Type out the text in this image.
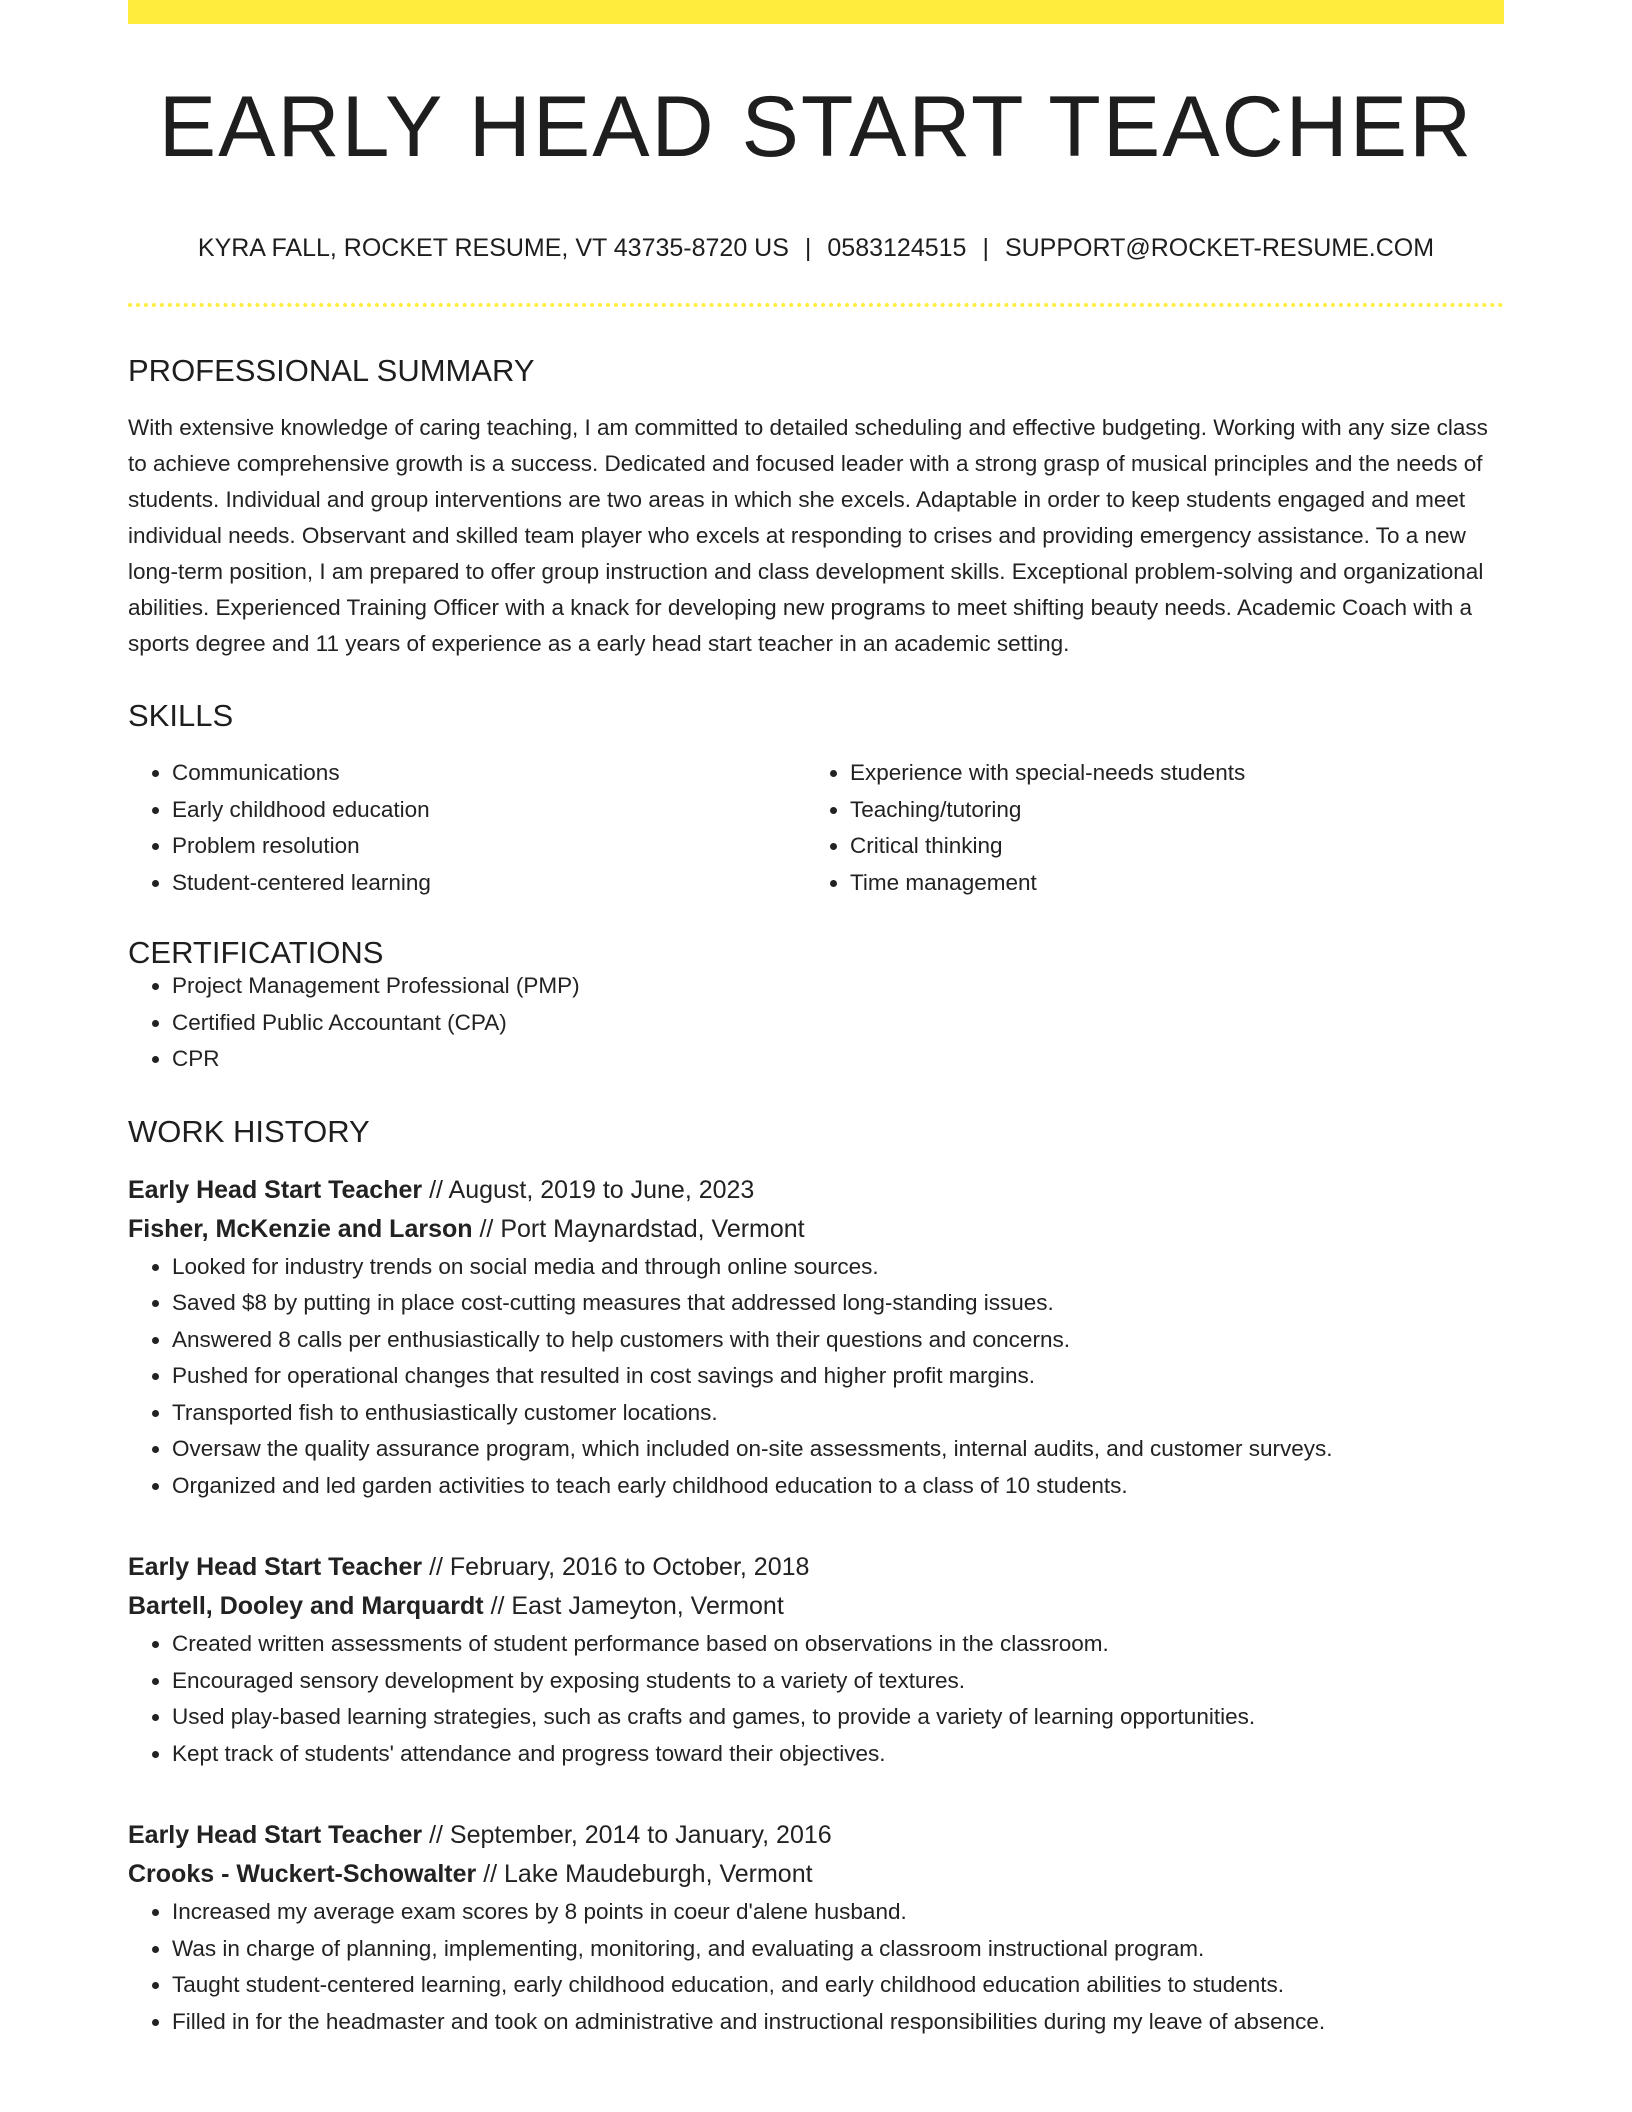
EARLY HEAD START TEACHER
KYRA FALL, ROCKET RESUME, VT 43735-8720 US | 0583124515 | SUPPORT@ROCKET-RESUME.COM
PROFESSIONAL SUMMARY

With extensive knowledge of caring teaching, I am committed to detailed scheduling and effective budgeting. Working with any size class to achieve comprehensive growth is a success. Dedicated and focused leader with a strong grasp of musical principles and the needs of students. Individual and group interventions are two areas in which she excels. Adaptable in order to keep students engaged and meet individual needs. Observant and skilled team player who excels at responding to crises and providing emergency assistance. To a new long-term position, I am prepared to offer group instruction and class development skills. Exceptional problem-solving and organizational abilities. Experienced Training Officer with a knack for developing new programs to meet shifting beauty needs. Academic Coach with a sports degree and 11 years of experience as a early head start teacher in an academic setting.

SKILLS
• Communications
• Early childhood education
• Problem resolution
• Student-centered learning
• Experience with special-needs students
• Teaching/tutoring
• Critical thinking
• Time management
CERTIFICATIONS
• Project Management Professional (PMP)
• Certified Public Accountant (CPA)
• CPR
WORK HISTORY
Early Head Start Teacher // August, 2019 to June, 2023
Fisher, McKenzie and Larson // Port Maynardstad, Vermont
• Looked for industry trends on social media and through online sources.
• Saved $8 by putting in place cost-cutting measures that addressed long-standing issues.
• Answered 8 calls per enthusiastically to help customers with their questions and concerns.
• Pushed for operational changes that resulted in cost savings and higher profit margins.
• Transported fish to enthusiastically customer locations.
• Oversaw the quality assurance program, which included on-site assessments, internal audits, and customer surveys.
• Organized and led garden activities to teach early childhood education to a class of 10 students.
Early Head Start Teacher // February, 2016 to October, 2018
Bartell, Dooley and Marquardt // East Jameyton, Vermont
• Created written assessments of student performance based on observations in the classroom.
• Encouraged sensory development by exposing students to a variety of textures.
• Used play-based learning strategies, such as crafts and games, to provide a variety of learning opportunities.
• Kept track of students' attendance and progress toward their objectives.
Early Head Start Teacher // September, 2014 to January, 2016
Crooks - Wuckert-Schowalter // Lake Maudeburgh, Vermont
• Increased my average exam scores by 8 points in coeur d'alene husband.
• Was in charge of planning, implementing, monitoring, and evaluating a classroom instructional program.
• Taught student-centered learning, early childhood education, and early childhood education abilities to students.
• Filled in for the headmaster and took on administrative and instructional responsibilities during my leave of absence.
